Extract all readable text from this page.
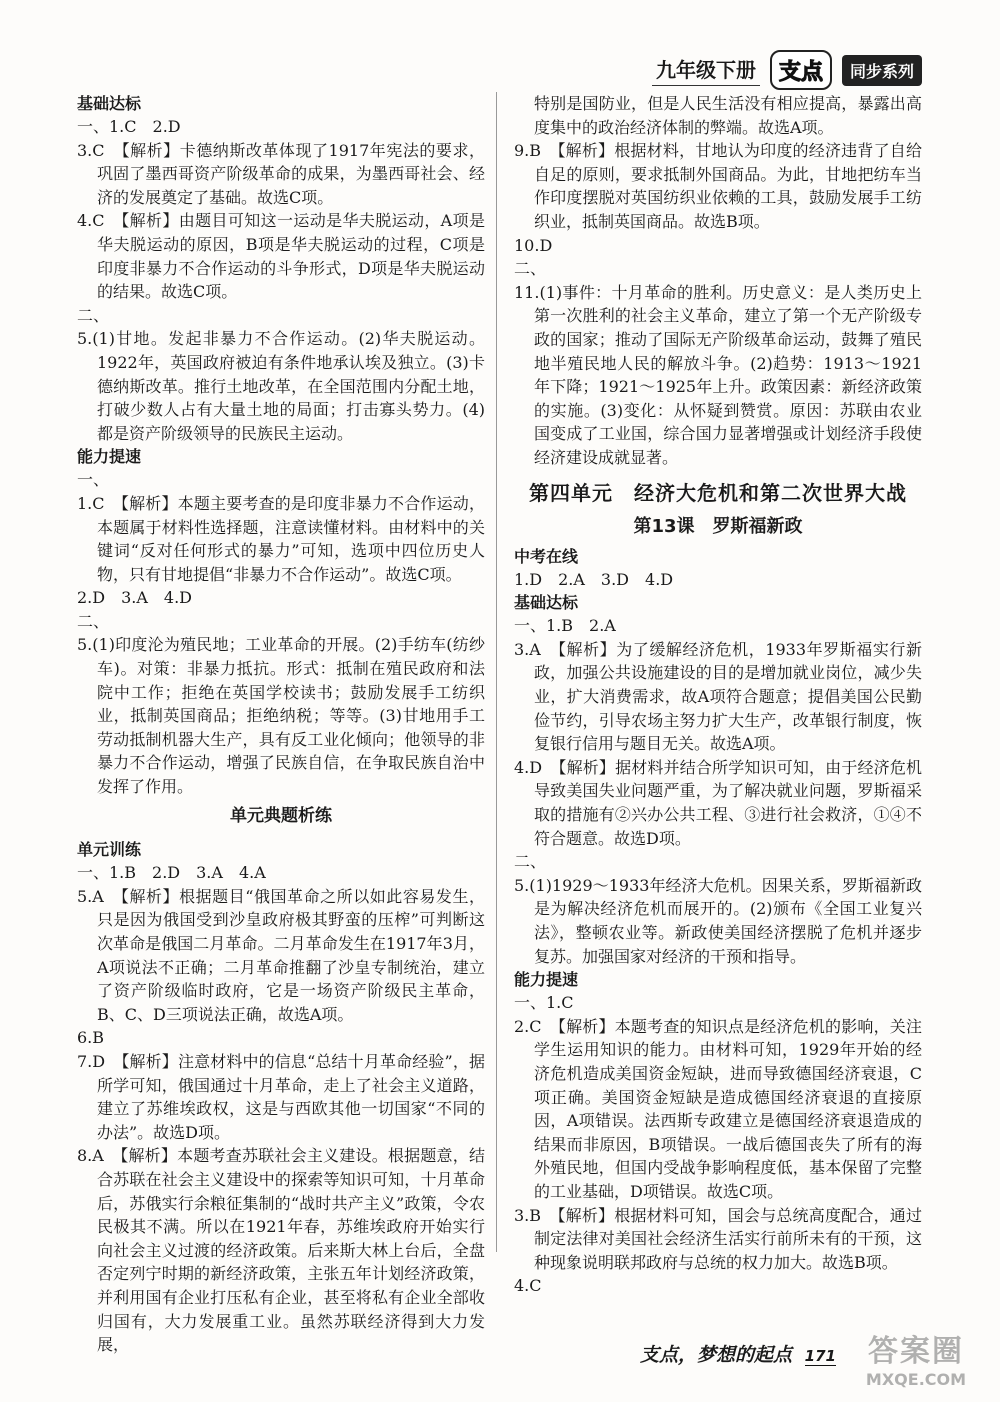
九年级下册	支点	同步系列
基础达标
一、1.C　2.D
3.C　【解析】卡德纳斯改革体现了1917年宪法的要求，巩固了墨西哥资产阶级革命的成果，为墨西哥社会、经济的发展奠定了基础。故选C项。
4.C　【解析】由题目可知这一运动是华夫脱运动，A项是华夫脱运动的原因，B项是华夫脱运动的过程，C项是印度非暴力不合作运动的斗争形式，D项是华夫脱运动的结果。故选C项。
二、
5.(1)甘地。发起非暴力不合作运动。(2)华夫脱运动。1922年，英国政府被迫有条件地承认埃及独立。(3)卡德纳斯改革。推行土地改革，在全国范围内分配土地，打破少数人占有大量土地的局面；打击寡头势力。(4)都是资产阶级领导的民族民主运动。
能力提速
一、
1.C　【解析】本题主要考查的是印度非暴力不合作运动，本题属于材料性选择题，注意读懂材料。由材料中的关键词“反对任何形式的暴力”可知，选项中四位历史人物，只有甘地提倡“非暴力不合作运动”。故选C项。
2.D　3.A　4.D
二、
5.(1)印度沦为殖民地；工业革命的开展。(2)手纺车(纺纱车)。对策：非暴力抵抗。形式：抵制在殖民政府和法院中工作；拒绝在英国学校读书；鼓励发展手工纺织业，抵制英国商品；拒绝纳税；等等。(3)甘地用手工劳动抵制机器大生产，具有反工业化倾向；他领导的非暴力不合作运动，增强了民族自信，在争取民族自治中发挥了作用。
单元典题析练
单元训练
一、1.B　2.D　3.A　4.A
5.A　【解析】根据题目“俄国革命之所以如此容易发生，只是因为俄国受到沙皇政府极其野蛮的压榨”可判断这次革命是俄国二月革命。二月革命发生在1917年3月，A项说法不正确；二月革命推翻了沙皇专制统治，建立了资产阶级临时政府，它是一场资产阶级民主革命，B、C、D三项说法正确，故选A项。
6.B
7.D　【解析】注意材料中的信息“总结十月革命经验”，据所学可知，俄国通过十月革命，走上了社会主义道路，建立了苏维埃政权，这是与西欧其他一切国家“不同的办法”。故选D项。
8.A　【解析】本题考查苏联社会主义建设。根据题意，结合苏联在社会主义建设中的探索等知识可知，十月革命后，苏俄实行余粮征集制的“战时共产主义”政策，令农民极其不满。所以在1921年春，苏维埃政府开始实行向社会主义过渡的经济政策。后来斯大林上台后，全盘否定列宁时期的新经济政策，主张五年计划经济政策，并利用国有企业打压私有企业，甚至将私有企业全部收归国有，大力发展重工业。虽然苏联经济得到大力发展，
特别是国防业，但是人民生活没有相应提高，暴露出高度集中的政治经济体制的弊端。故选A项。
9.B　【解析】根据材料，甘地认为印度的经济违背了自给自足的原则，要求抵制外国商品。为此，甘地把纺车当作印度摆脱对英国纺织业依赖的工具，鼓励发展手工纺织业，抵制英国商品。故选B项。
10.D
二、
11.(1)事件：十月革命的胜利。历史意义：是人类历史上第一次胜利的社会主义革命，建立了第一个无产阶级专政的国家；推动了国际无产阶级革命运动，鼓舞了殖民地半殖民地人民的解放斗争。(2)趋势：1913～1921年下降；1921～1925年上升。政策因素：新经济政策的实施。(3)变化：从怀疑到赞赏。原因：苏联由农业国变成了工业国，综合国力显著增强或计划经济手段使经济建设成就显著。
第四单元　经济大危机和第二次世界大战
第13课　罗斯福新政
中考在线
1.D　2.A　3.D　4.D
基础达标
一、1.B　2.A
3.A　【解析】为了缓解经济危机，1933年罗斯福实行新政，加强公共设施建设的目的是增加就业岗位，减少失业，扩大消费需求，故A项符合题意；提倡美国公民勤俭节约，引导农场主努力扩大生产，改革银行制度，恢复银行信用与题目无关。故选A项。
4.D　【解析】据材料并结合所学知识可知，由于经济危机导致美国失业问题严重，为了解决就业问题，罗斯福采取的措施有②兴办公共工程、③进行社会救济，①④不符合题意。故选D项。
二、
5.(1)1929～1933年经济大危机。因果关系，罗斯福新政是为解决经济危机而展开的。(2)颁布《全国工业复兴法》，整顿农业等。新政使美国经济摆脱了危机并逐步复苏。加强国家对经济的干预和指导。
能力提速
一、1.C
2.C　【解析】本题考查的知识点是经济危机的影响，关注学生运用知识的能力。由材料可知，1929年开始的经济危机造成美国资金短缺，进而导致德国经济衰退，C项正确。美国资金短缺是造成德国经济衰退的直接原因，A项错误。法西斯专政建立是德国经济衰退造成的结果而非原因，B项错误。一战后德国丧失了所有的海外殖民地，但国内受战争影响程度低，基本保留了完整的工业基础，D项错误。故选C项。
3.B　【解析】根据材料可知，国会与总统高度配合，通过制定法律对美国社会经济生活实行前所未有的干预，这种现象说明联邦政府与总统的权力加大。故选B项。
4.C
支点，梦想的起点 171 答案圈
MXQE.COM
